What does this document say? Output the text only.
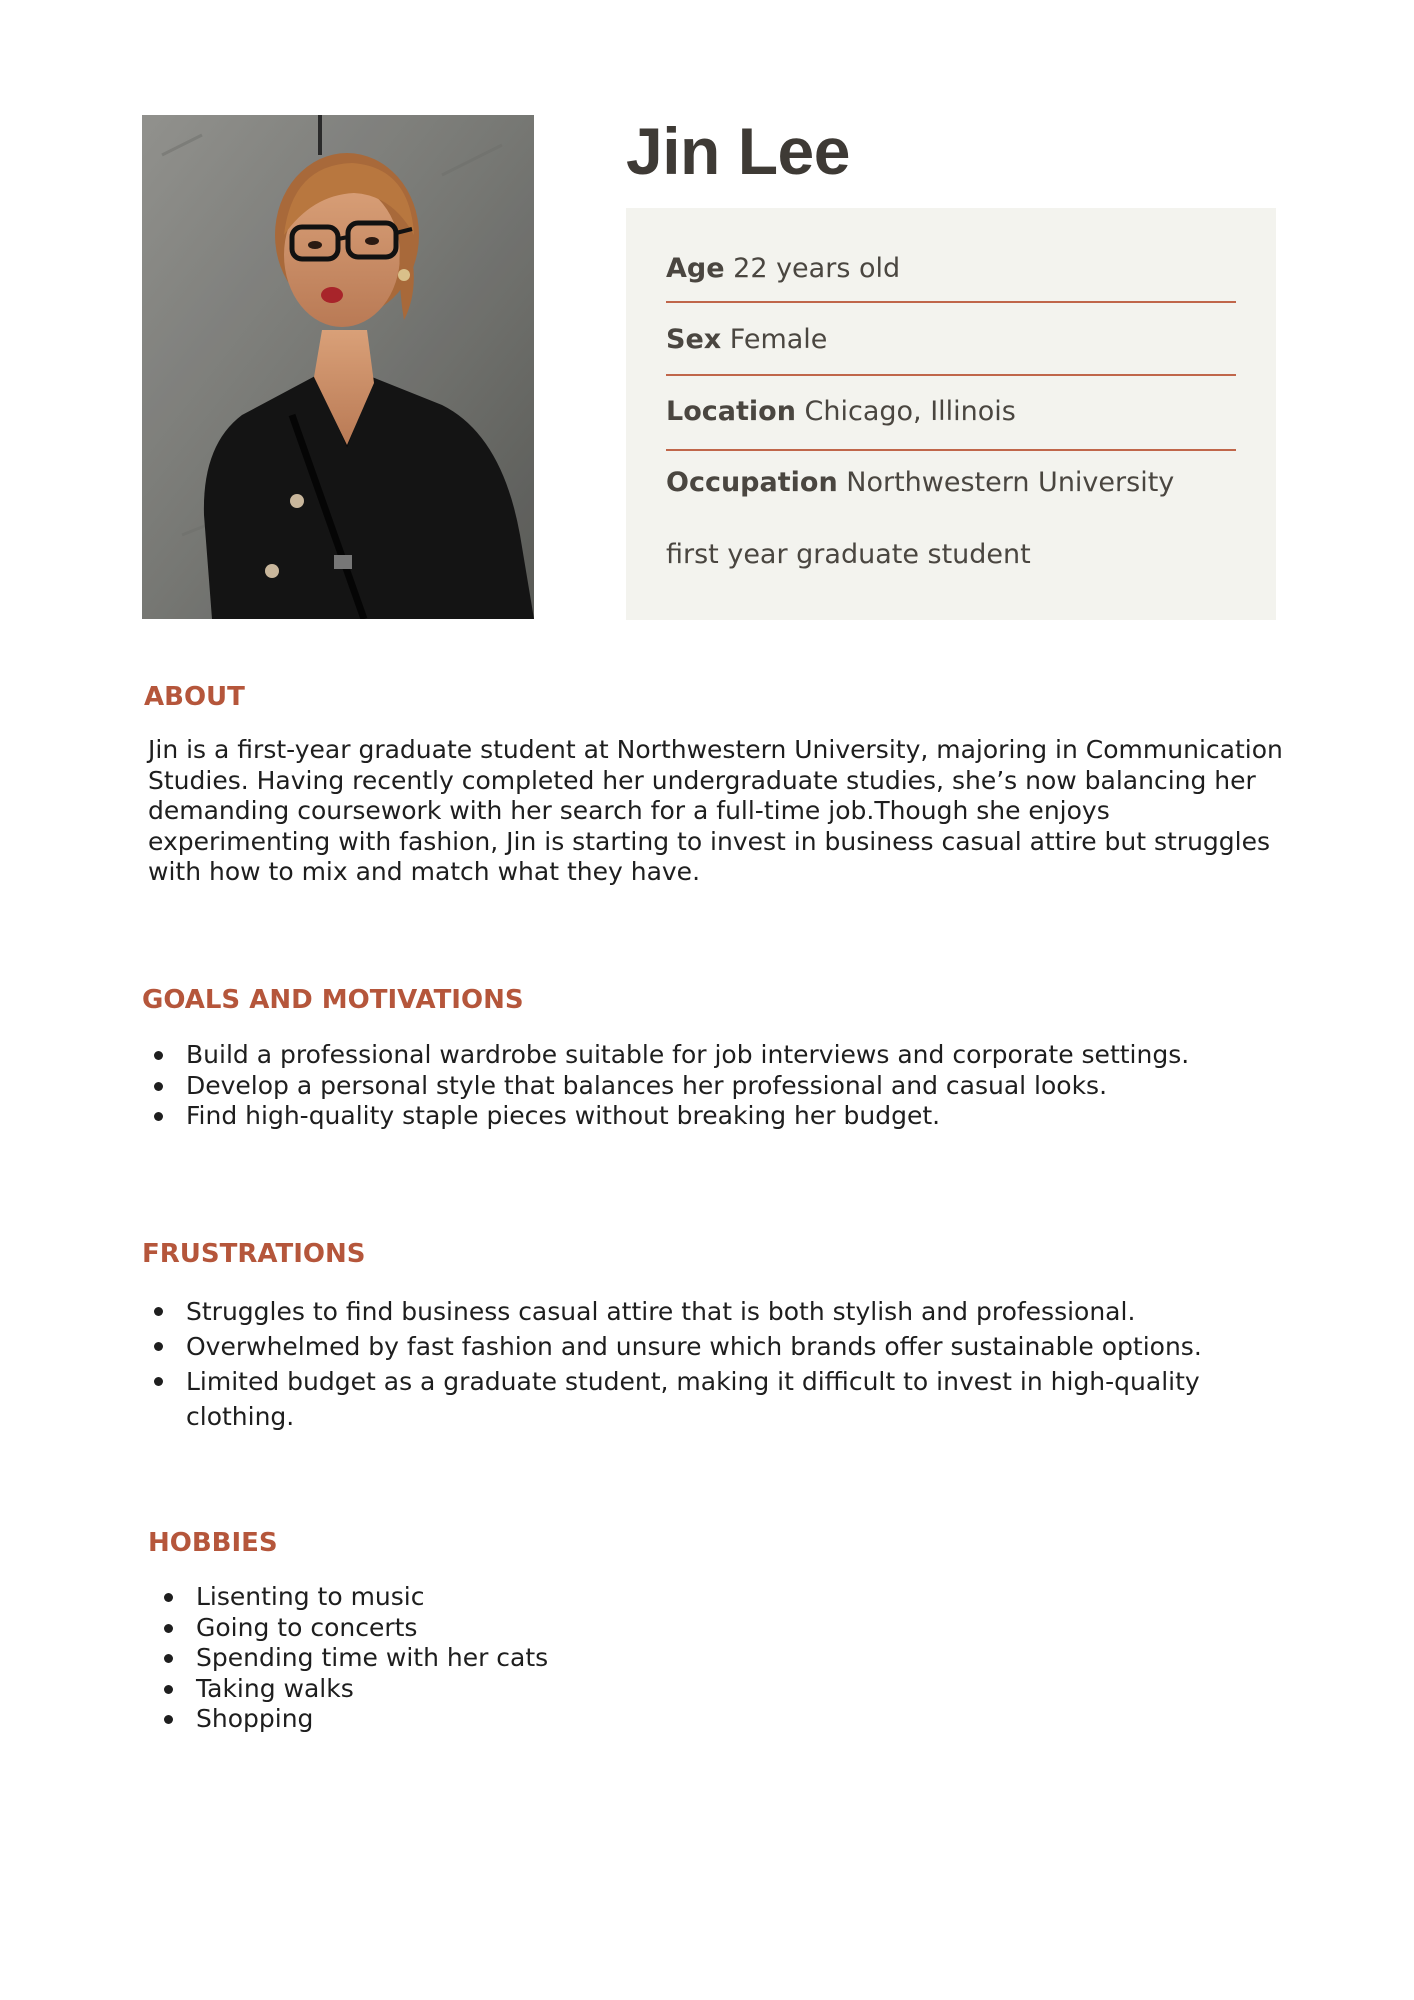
Jin Lee
Age 22 years old
Sex Female
Location Chicago, Illinois
Occupation Northwestern University
first year graduate student
ABOUT

Jin is a first-year graduate student at Northwestern University, majoring in Communication Studies. Having recently completed her undergraduate studies, she’s now balancing her demanding coursework with her search for a full-time job.Though she enjoys experimenting with fashion, Jin is starting to invest in business casual attire but struggles with how to mix and match what they have.

GOALS AND MOTIVATIONS
Build a professional wardrobe suitable for job interviews and corporate settings.
Develop a personal style that balances her professional and casual looks.
Find high-quality staple pieces without breaking her budget.
FRUSTRATIONS
Struggles to find business casual attire that is both stylish and professional.
Overwhelmed by fast fashion and unsure which brands offer sustainable options.
Limited budget as a graduate student, making it difficult to invest in high-quality clothing.
HOBBIES
Lisenting to music
Going to concerts
Spending time with her cats
Taking walks
Shopping
